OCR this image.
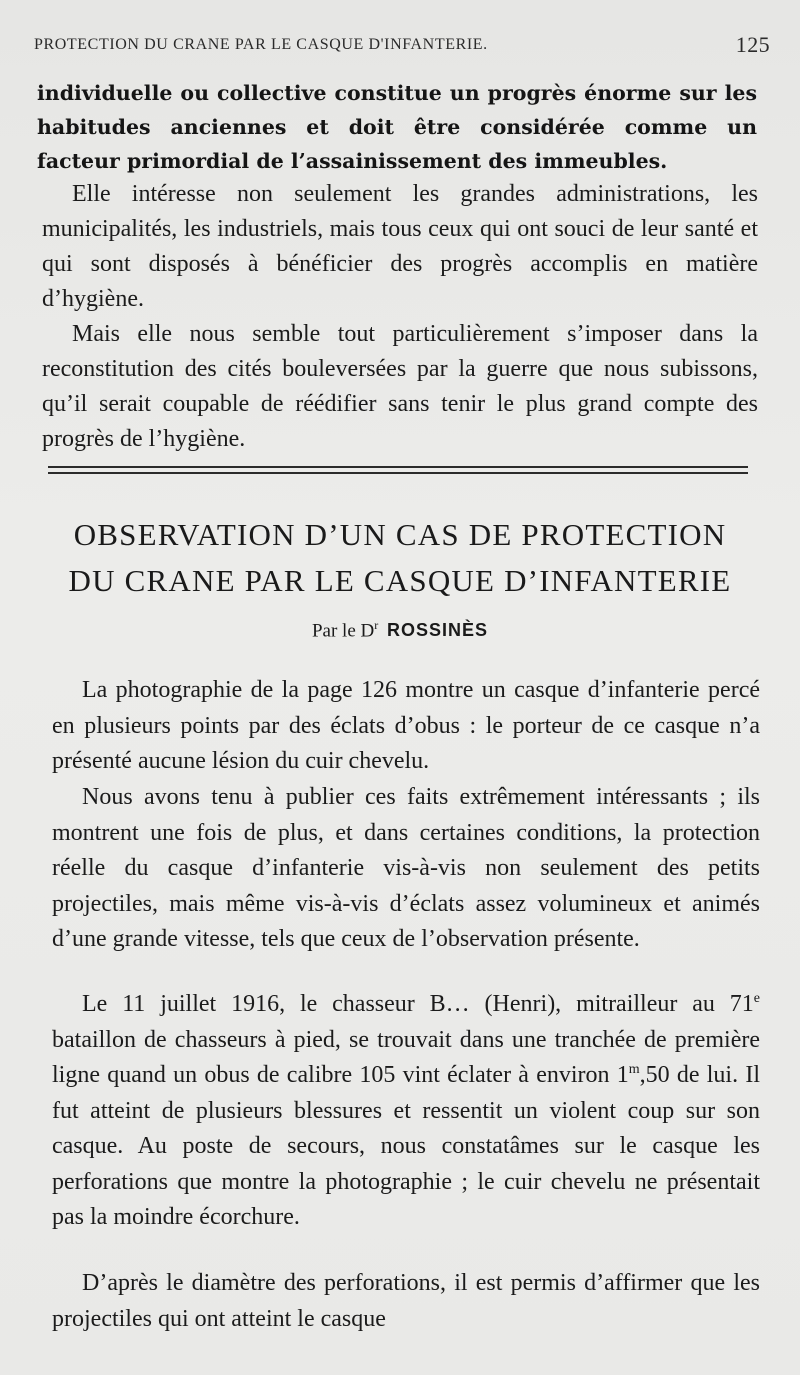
PROTECTION DU CRANE PAR LE CASQUE D'INFANTERIE.	125

individuelle ou collective constitue un progrès énorme sur les habitudes anciennes et doit être considérée comme un facteur primordial de l’assainissement des immeubles.

Elle intéresse non seulement les grandes administrations, les municipalités, les industriels, mais tous ceux qui ont souci de leur santé et qui sont disposés à bénéficier des progrès accomplis en matière d’hygiène.

Mais elle nous semble tout particulièrement s’imposer dans la reconstitution des cités bouleversées par la guerre que nous subissons, qu’il serait coupable de réédifier sans tenir le plus grand compte des progrès de l’hygiène.

OBSERVATION D’UN CAS DE PROTECTION
DU CRANE PAR LE CASQUE D’INFANTERIE
Par le $D^r$ ROSSINÈS

La photographie de la page 126 montre un casque d’infanterie percé en plusieurs points par des éclats d’obus : le porteur de ce casque n’a présenté aucune lésion du cuir chevelu.

Nous avons tenu à publier ces faits extrêmement intéressants ; ils montrent une fois de plus, et dans certaines conditions, la protection réelle du casque d’infanterie vis-à-vis non seulement des petits projectiles, mais même vis-à-vis d’éclats assez volumineux et animés d’une grande vitesse, tels que ceux de l’observation présente.

Le 11 juillet 1916, le chasseur B… (Henri), mitrailleur au 71e bataillon de chasseurs à pied, se trouvait dans une tranchée de première ligne quand un obus de calibre 105 vint éclater à environ 1$^m$,50 de lui. Il fut atteint de plusieurs blessures et ressentit un violent coup sur son casque. Au poste de secours, nous constatâmes sur le casque les perforations que montre la photographie ; le cuir chevelu ne présentait pas la moindre écorchure.

D’après le diamètre des perforations, il est permis d’affirmer que les projectiles qui ont atteint le casque
